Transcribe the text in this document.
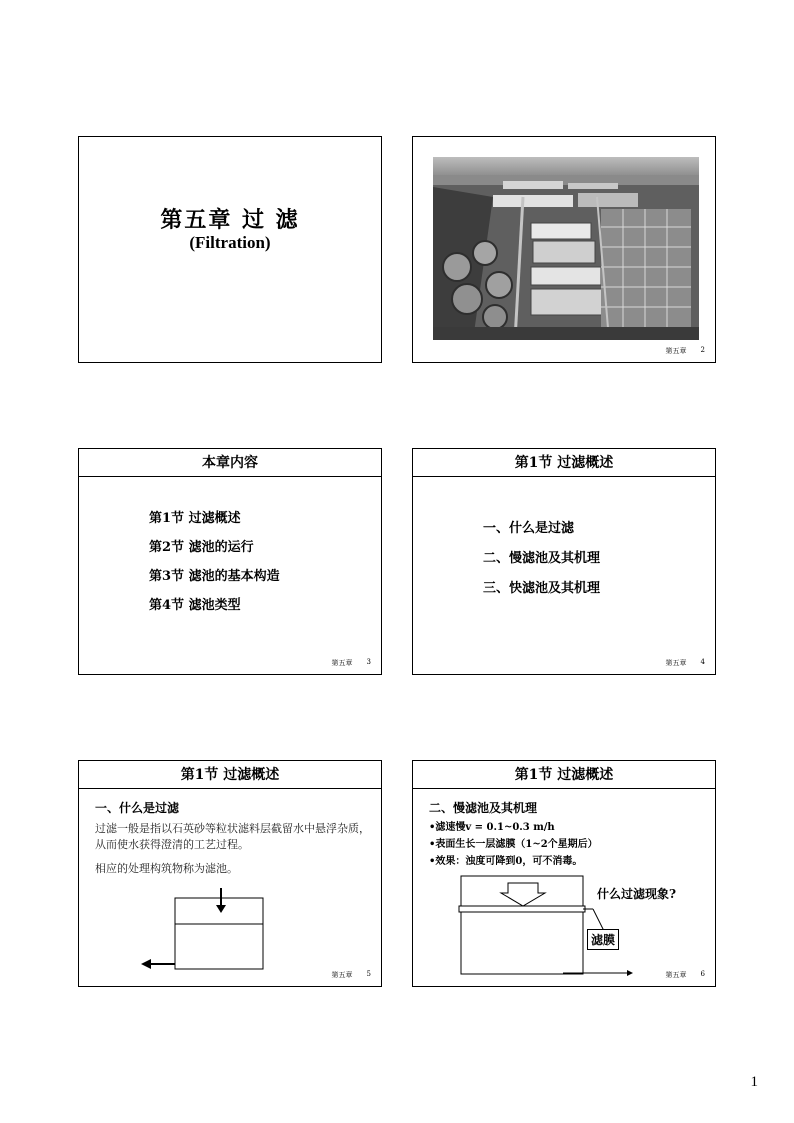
第五章 过 滤
(Filtration)
第五章 2
本章内容
第1节 过滤概述
第2节 滤池的运行
第3节 滤池的基本构造
第4节 滤池类型
第五章 3
第1节 过滤概述
一、什么是过滤
二、慢滤池及其机理
三、快滤池及其机理
第五章 4
第1节 过滤概述
一、什么是过滤
过滤一般是指以石英砂等粒状滤料层截留水中悬浮杂质，从而使水获得澄清的工艺过程。
相应的处理构筑物称为滤池。
第五章 5
第1节 过滤概述
二、慢滤池及其机理
•滤速慢v = 0.1~0.3 m/h
•表面生长一层滤膜（1~2个星期后）
•效果：浊度可降到0，可不消毒。
什么过滤现象?
滤膜
第五章 6
1
